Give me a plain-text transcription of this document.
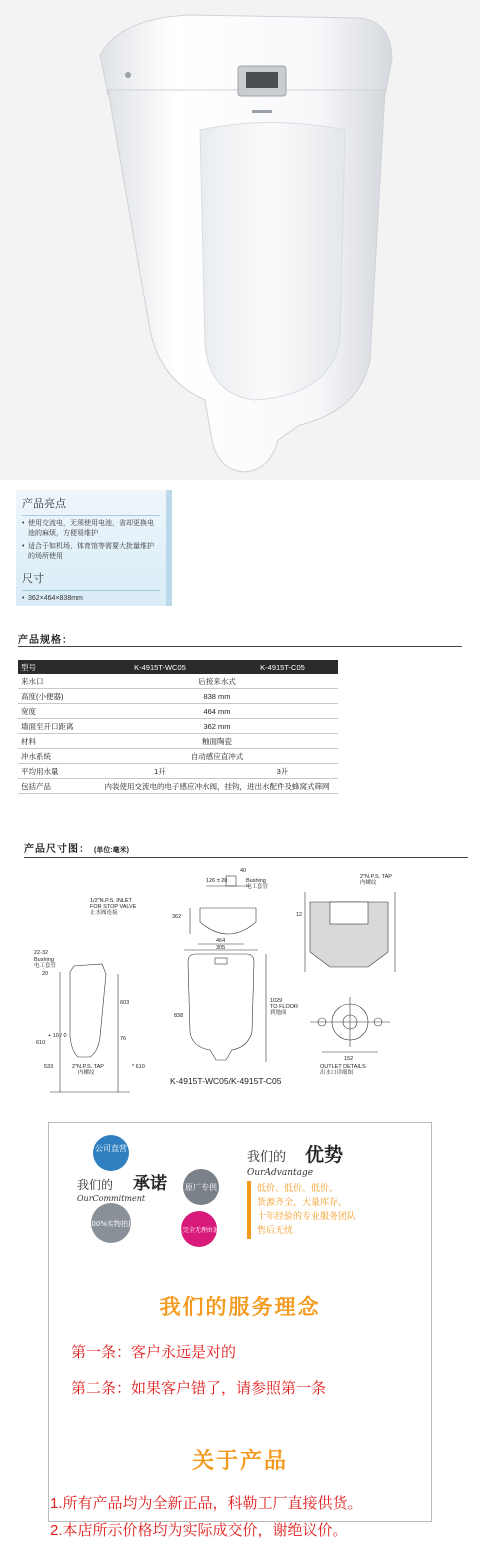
产品亮点
• 使用交流电，无须使用电池，省却更换电池的麻烦，方便易维护
• 适合于如机场，体育馆等需要大批量维护的场所使用
尺寸
• 362×464×838mm
产品规格：
型号	K-4915T-WC05	K-4915T-C05
来水口	后接来水式	
高度(小便器)	838 mm	
宽度	464 mm	
墙面至开口距离	362 mm	
材料	釉面陶瓷	
冲水系统	自动感应直冲式	
平均用水量	1升	3升
包括产品	内装使用交流电的电子感应冲水阀，挂钩，进出水配件及蜂窝式筛网	
产品尺寸图： (单位:毫米)
1/2"N.P.S. INLET
FOR STOP VALVE
止水阀连接
40
Bushing
电工套管
126 ± 20
362
2"N.P.S. TAP
内螺纹
12
22-32
Bushing
电工套管
20
464
305
603
610
+ 10 / 0
838
76
1029
TO FLOOR
到地面
152
OUTLET DETAILS
出水口详细图
533	2"N.P.S. TAP
内螺纹
* 610
K-4915T-WC05/K-4915T-C05
公司直营
原厂专供
100%实物拍摄
7天完全无理由退换
我们的 承诺
OurCommitment
我们的 优势
OurAdvantage
低价、低价、低价。
货源齐全，大量库存。
十年经验的专业服务团队
售后无忧
我们的服务理念
第一条：客户永远是对的
第二条：如果客户错了，请参照第一条
关于产品
1.所有产品均为全新正品，科勒工厂直接供货。
2.本店所示价格均为实际成交价，谢绝议价。
